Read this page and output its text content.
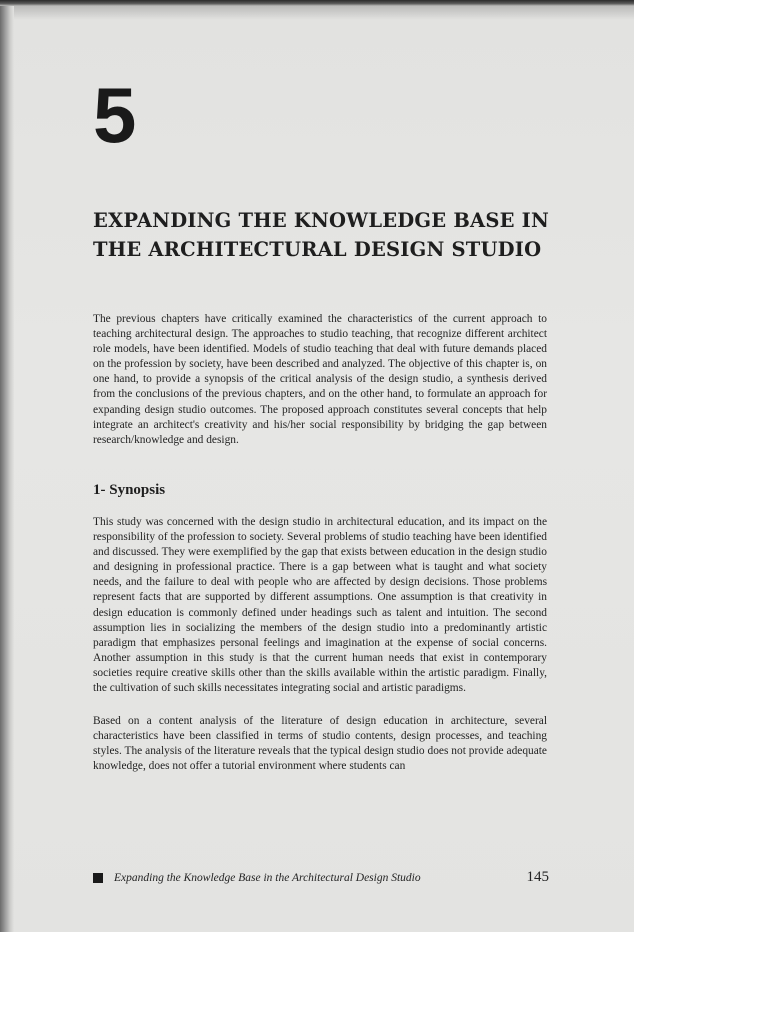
5
EXPANDING THE KNOWLEDGE BASE IN THE ARCHITECTURAL DESIGN STUDIO

The previous chapters have critically examined the characteristics of the current approach to teaching architectural design. The approaches to studio teaching, that recognize different architect role models, have been identified. Models of studio teaching that deal with future demands placed on the profession by society, have been described and analyzed. The objective of this chapter is, on one hand, to provide a synopsis of the critical analysis of the design studio, a synthesis derived from the conclusions of the previous chapters, and on the other hand, to formulate an approach for expanding design studio outcomes. The proposed approach constitutes several concepts that help integrate an architect's creativity and his/her social responsibility by bridging the gap between research/knowledge and design.

1- Synopsis

This study was concerned with the design studio in architectural education, and its impact on the responsibility of the profession to society. Several problems of studio teaching have been identified and discussed. They were exemplified by the gap that exists between education in the design studio and designing in professional practice. There is a gap between what is taught and what society needs, and the failure to deal with people who are affected by design decisions. Those problems represent facts that are supported by different assumptions. One assumption is that creativity in design education is commonly defined under headings such as talent and intuition. The second assumption lies in socializing the members of the design studio into a predominantly artistic paradigm that emphasizes personal feelings and imagination at the expense of social concerns. Another assumption in this study is that the current human needs that exist in contemporary societies require creative skills other than the skills available within the artistic paradigm. Finally, the cultivation of such skills necessitates integrating social and artistic paradigms.

Based on a content analysis of the literature of design education in architecture, several characteristics have been classified in terms of studio contents, design processes, and teaching styles. The analysis of the literature reveals that the typical design studio does not provide adequate knowledge, does not offer a tutorial environment where students can

Expanding the Knowledge Base in the Architectural Design Studio	145
